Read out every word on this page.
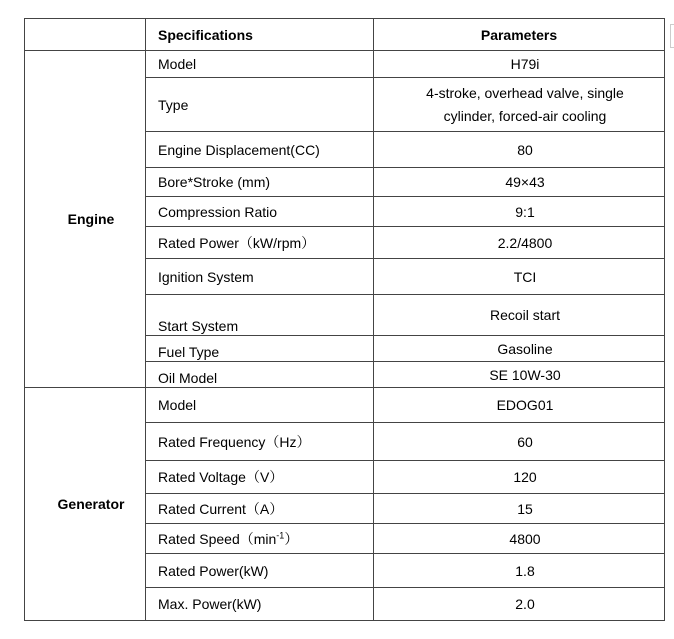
	Specifications	Parameters
Engine	Model	H79i
	Type	4-stroke, overhead valve, single
cylinder, forced-air cooling

	Engine Displacement(CC)	80
	Bore*Stroke (mm)	49×43
	Compression Ratio	9:1
	Rated Power（kW/rpm）	2.2/4800
	Ignition System	TCI
	Start System	Recoil start
	Fuel Type	Gasoline
	Oil Model	SE 10W-30
Generator	Model	EDOG01
	Rated Frequency（Hz）	60
	Rated Voltage（V）	120
	Rated Current（A）	15
	Rated $Speed(\min^{-1})$	4800
	Rated Power(kW)	1.8
	Max. Power(kW)	2.0
